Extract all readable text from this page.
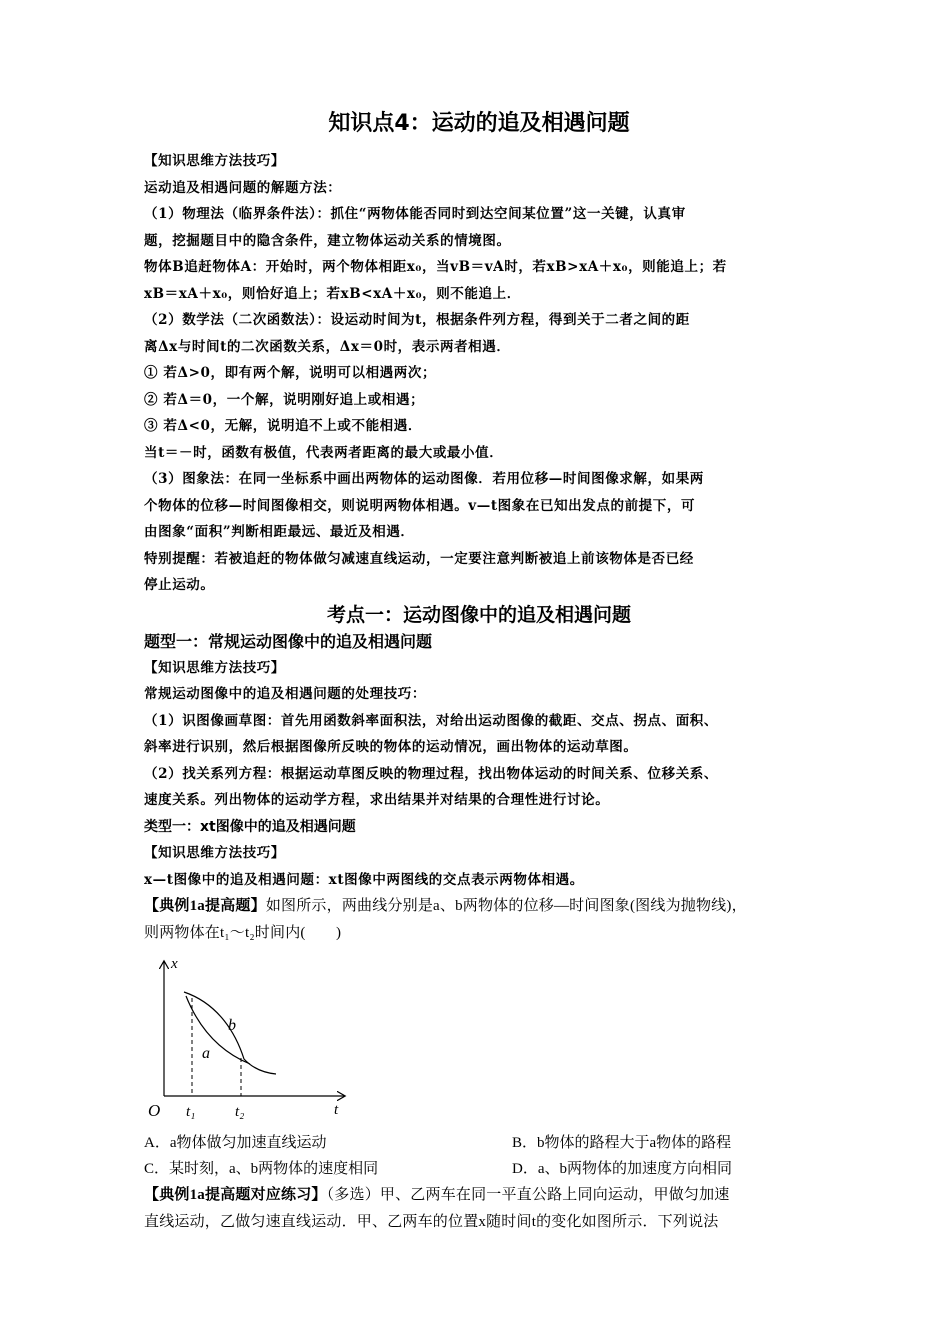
知识点4：运动的追及相遇问题
【知识思维方法技巧】
运动追及相遇问题的解题方法：
（1）物理法（临界条件法）：抓住“两物体能否同时到达空间某位置”这一关键，认真审
题，挖掘题目中的隐含条件，建立物体运动关系的情境图。
物体B追赶物体A：开始时，两个物体相距x₀，当vB＝vA时，若xB>xA＋x₀，则能追上；若
xB＝xA＋x₀，则恰好追上；若xB<xA＋x₀，则不能追上．
（2）数学法（二次函数法）：设运动时间为t，根据条件列方程，得到关于二者之间的距
离Δx与时间t的二次函数关系，Δx＝0时，表示两者相遇．
① 若Δ>0，即有两个解，说明可以相遇两次；
② 若Δ＝0，一个解，说明刚好追上或相遇；
③ 若Δ<0，无解，说明追不上或不能相遇．
当t＝－时，函数有极值，代表两者距离的最大或最小值．
（3）图象法：在同一坐标系中画出两物体的运动图像．若用位移—时间图像求解，如果两
个物体的位移—时间图像相交，则说明两物体相遇。v—t图象在已知出发点的前提下，可
由图象“面积”判断相距最远、最近及相遇．
特别提醒：若被追赶的物体做匀减速直线运动，一定要注意判断被追上前该物体是否已经
停止运动。
考点一：运动图像中的追及相遇问题
题型一：常规运动图像中的追及相遇问题
【知识思维方法技巧】
常规运动图像中的追及相遇问题的处理技巧：
（1）识图像画草图：首先用函数斜率面积法，对给出运动图像的截距、交点、拐点、面积、
斜率进行识别，然后根据图像所反映的物体的运动情况，画出物体的运动草图。
（2）找关系列方程：根据运动草图反映的物理过程，找出物体运动的时间关系、位移关系、
速度关系。列出物体的运动学方程，求出结果并对结果的合理性进行讨论。
类型一：xt图像中的追及相遇问题
【知识思维方法技巧】
x—t图像中的追及相遇问题：xt图像中两图线的交点表示两物体相遇。
【典例1a提高题】如图所示，两曲线分别是a、b两物体的位移—时间图象(图线为抛物线)，
则两物体在t₁～t₂时间内(　　)
x
t
O t₁	t₂
b
a
A．a物体做匀加速直线运动	B．b物体的路程大于a物体的路程
C．某时刻，a、b两物体的速度相同	D．a、b两物体的加速度方向相同
【典例1a提高题对应练习】（多选）甲、乙两车在同一平直公路上同向运动，甲做匀加速
直线运动，乙做匀速直线运动．甲、乙两车的位置x随时间t的变化如图所示．下列说法
